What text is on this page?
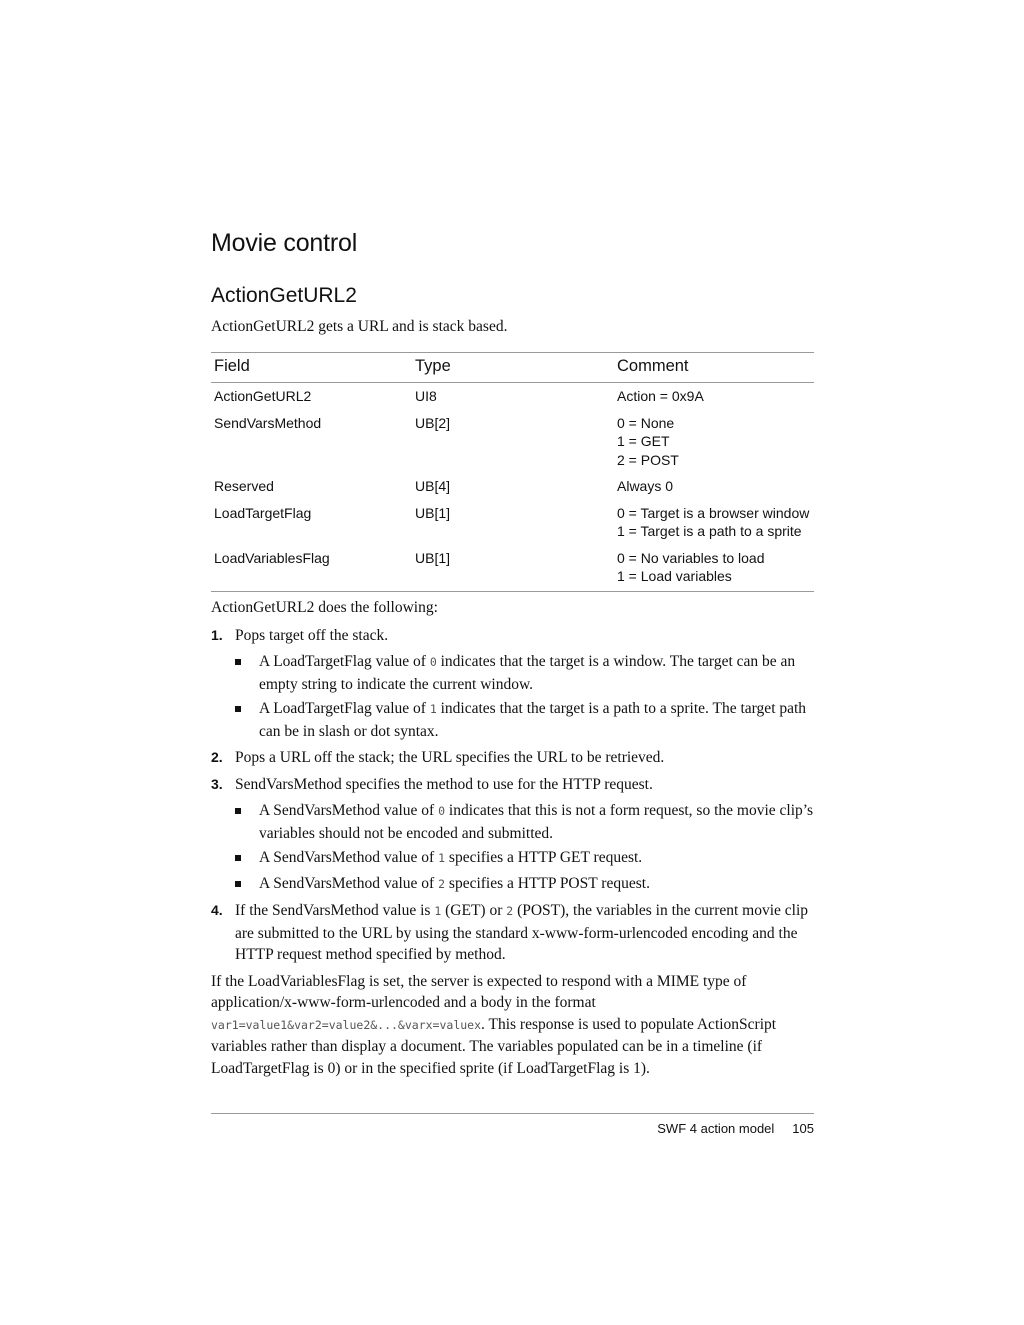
Movie control
ActionGetURL2

ActionGetURL2 gets a URL and is stack based.

Field	Type	Comment
ActionGetURL2	UI8	Action = 0x9A

SendVarsMethod	UB[2]	0 = None
1 = GET
2 = POST

Reserved	UB[4]	Always 0

LoadTargetFlag	UB[1]	0 = Target is a browser window
1 = Target is a path to a sprite

LoadVariablesFlag	UB[1]	0 = No variables to load
1 = Load variables

ActionGetURL2 does the following:

1. Pops target off the stack.
A LoadTargetFlag value of 0 indicates that the target is a window. The target can be an empty string to indicate the current window.
A LoadTargetFlag value of 1 indicates that the target is a path to a sprite. The target path can be in slash or dot syntax.
2. Pops a URL off the stack; the URL specifies the URL to be retrieved.
3. SendVarsMethod specifies the method to use for the HTTP request.
A SendVarsMethod value of 0 indicates that this is not a form request, so the movie clip’s variables should not be encoded and submitted.
A SendVarsMethod value of 1 specifies a HTTP GET request.
A SendVarsMethod value of 2 specifies a HTTP POST request.
4. If the SendVarsMethod value is 1 (GET) or 2 (POST), the variables in the current movie clip are submitted to the URL by using the standard x-www-form-urlencoded encoding and the HTTP request method specified by method.

If the LoadVariablesFlag is set, the server is expected to respond with a MIME type of application/x-www-form-urlencoded and a body in the format var1=value1&var2=value2&...&varx=valuex. This response is used to populate ActionScript variables rather than display a document. The variables populated can be in a timeline (if LoadTargetFlag is 0) or in the specified sprite (if LoadTargetFlag is 1).

SWF 4 action model 105
